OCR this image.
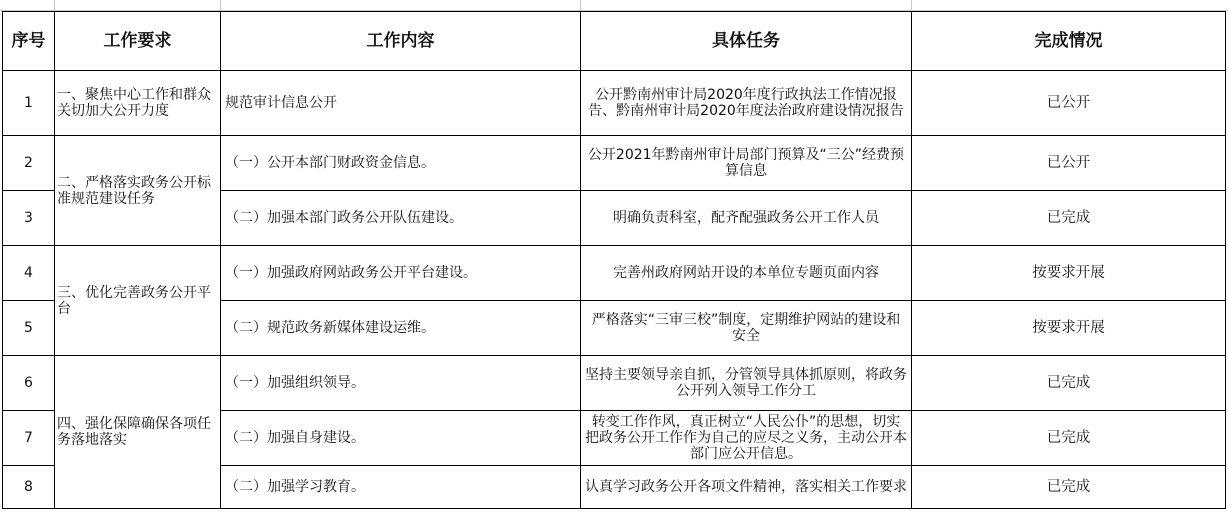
序号	工作要求	工作内容	具体任务	完成情况
1	一、聚焦中心工作和群众关切加大公开力度	规范审计信息公开	公开黔南州审计局2020年度行政执法工作情况报告、黔南州审计局2020年度法治政府建设情况报告	已公开
2	二、严格落实政务公开标准规范建设任务	（一）公开本部门财政资金信息。	公开2021年黔南州审计局部门预算及“三公”经费预算信息	已公开
3		（二）加强本部门政务公开队伍建设。	明确负责科室，配齐配强政务公开工作人员	已完成
4	三、优化完善政务公开平台	（一）加强政府网站政务公开平台建设。	完善州政府网站开设的本单位专题页面内容	按要求开展
5		（二）规范政务新媒体建设运维。	严格落实“三审三校”制度，定期维护网站的建设和安全	按要求开展
6	四、强化保障确保各项任务落地落实	（一）加强组织领导。	坚持主要领导亲自抓，分管领导具体抓原则，将政务公开列入领导工作分工	已完成
7		（二）加强自身建设。	转变工作作风，真正树立“人民公仆”的思想，切实把政务公开工作作为自己的应尽之义务，主动公开本部门应公开信息。	已完成
8		（二）加强学习教育。	认真学习政务公开各项文件精神，落实相关工作要求	已完成
